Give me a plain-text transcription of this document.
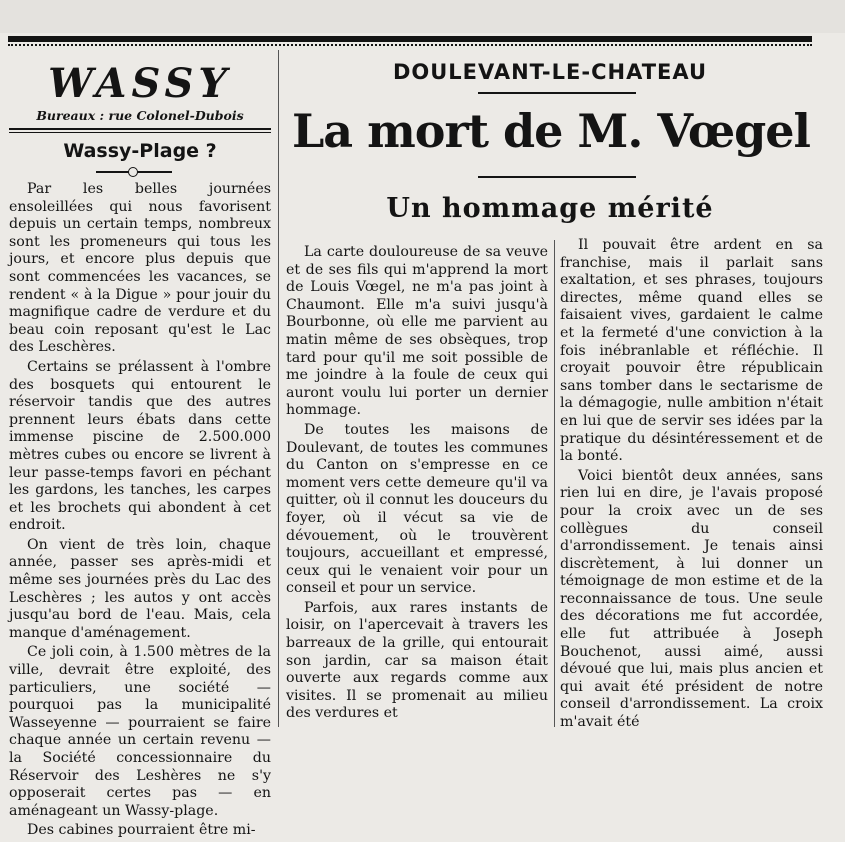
WASSY
Bureaux : rue Colonel-Dubois
Wassy-Plage ?

Par les belles journées ensoleillées qui nous favorisent depuis un certain temps, nombreux sont les promeneurs qui tous les jours, et encore plus depuis que sont commencées les vacances, se rendent « à la Digue » pour jouir du magnifique cadre de verdure et du beau coin reposant qu'est le Lac des Leschères.

Certains se prélassent à l'ombre des bosquets qui entourent le réservoir tandis que des autres prennent leurs ébats dans cette immense piscine de 2.500.000 mètres cubes ou encore se livrent à leur passe-temps favori en péchant les gardons, les tanches, les carpes et les brochets qui abondent à cet endroit.

On vient de très loin, chaque année, passer ses après-midi et même ses journées près du Lac des Leschères ; les autos y ont accès jusqu'au bord de l'eau. Mais, cela manque d'aménagement.

Ce joli coin, à 1.500 mètres de la ville, devrait être exploité, des particuliers, une société — pourquoi pas la municipalité Wasseyenne — pourraient se faire chaque année un certain revenu — la Société concessionnaire du Réservoir des Leshères ne s'y opposerait certes pas — en aménageant un Wassy-plage.

Des cabines pourraient être mi-

DOULEVANT-LE-CHATEAU
La mort de M. Vœgel
Un hommage mérité

La carte douloureuse de sa veuve et de ses fils qui m'apprend la mort de Louis Vœgel, ne m'a pas joint à Chaumont. Elle m'a suivi jusqu'à Bourbonne, où elle me parvient au matin même de ses obsèques, trop tard pour qu'il me soit possible de me joindre à la foule de ceux qui auront voulu lui porter un dernier hommage.

De toutes les maisons de Doulevant, de toutes les communes du Canton on s'empresse en ce moment vers cette demeure qu'il va quitter, où il connut les douceurs du foyer, où il vécut sa vie de dévouement, où le trouvèrent toujours, accueillant et empressé, ceux qui le venaient voir pour un conseil et pour un service.

Parfois, aux rares instants de loisir, on l'apercevait à travers les barreaux de la grille, qui entourait son jardin, car sa maison était ouverte aux regards comme aux visites. Il se promenait au milieu des verdures et

Il pouvait être ardent en sa franchise, mais il parlait sans exaltation, et ses phrases, toujours directes, même quand elles se faisaient vives, gardaient le calme et la fermeté d'une conviction à la fois inébranlable et réfléchie. Il croyait pouvoir être républicain sans tomber dans le sectarisme de la démagogie, nulle ambition n'était en lui que de servir ses idées par la pratique du désintéressement et de la bonté.

Voici bientôt deux années, sans rien lui en dire, je l'avais proposé pour la croix avec un de ses collègues du conseil d'arrondissement. Je tenais ainsi discrètement, à lui donner un témoignage de mon estime et de la reconnaissance de tous. Une seule des décorations me fut accordée, elle fut attribuée à Joseph Bouchenot, aussi aimé, aussi dévoué que lui, mais plus ancien et qui avait été président de notre conseil d'arrondissement. La croix m'avait été
